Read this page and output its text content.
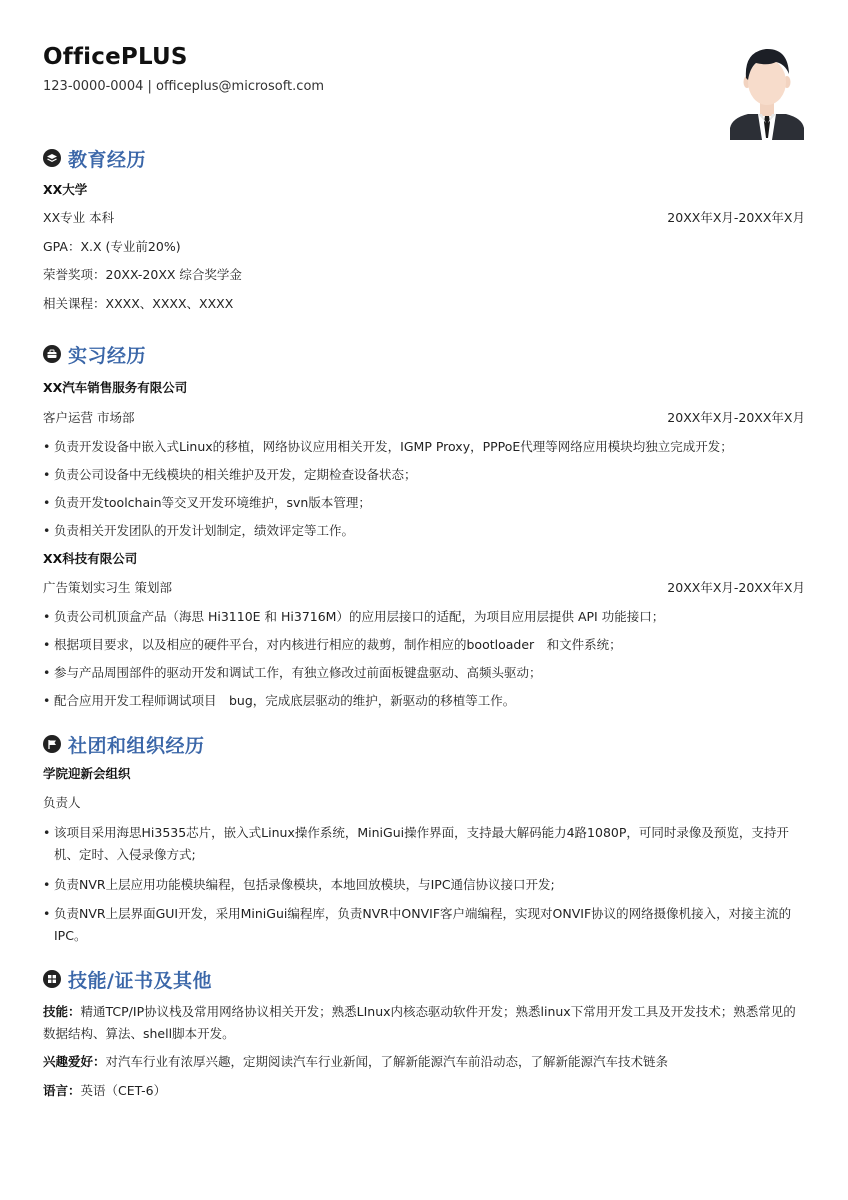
OfficePLUS
123-0000-0004 | officeplus@microsoft.com
教育经历
XX大学
XX专业 本科	20XX年X月-20XX年X月
GPA：X.X (专业前20%)
荣誉奖项：20XX-20XX 综合奖学金
相关课程：XXXX、XXXX、XXXX
实习经历
XX汽车销售服务有限公司
客户运营 市场部	20XX年X月-20XX年X月
• 负责开发设备中嵌入式Linux的移植，网络协议应用相关开发，IGMP Proxy，PPPoE代理等网络应用模块均独立完成开发；
• 负责公司设备中无线模块的相关维护及开发，定期检查设备状态；
• 负责开发toolchain等交叉开发环境维护，svn版本管理；
• 负责相关开发团队的开发计划制定，绩效评定等工作。
XX科技有限公司
广告策划实习生 策划部	20XX年X月-20XX年X月
• 负责公司机顶盒产品（海思 Hi3110E 和 Hi3716M）的应用层接口的适配，为项目应用层提供 API 功能接口；
• 根据项目要求，以及相应的硬件平台，对内核进行相应的裁剪，制作相应的bootloader　和文件系统；
• 参与产品周围部件的驱动开发和调试工作，有独立修改过前面板键盘驱动、高频头驱动；
• 配合应用开发工程师调试项目　bug，完成底层驱动的维护，新驱动的移植等工作。
社团和组织经历
学院迎新会组织
负责人
• 该项目采用海思Hi3535芯片，嵌入式Linux操作系统，MiniGui操作界面，支持最大解码能力4路1080P，可同时录像及预览，支持开机、定时、入侵录像方式;
• 负责NVR上层应用功能模块编程，包括录像模块，本地回放模块，与IPC通信协议接口开发;
• 负责NVR上层界面GUI开发，采用MiniGui编程库，负责NVR中ONVIF客户端编程，实现对ONVIF协议的网络摄像机接入，对接主流的IPC。
技能/证书及其他
技能：精通TCP/IP协议栈及常用网络协议相关开发；熟悉LInux内核态驱动软件开发；熟悉linux下常用开发工具及开发技术；熟悉常见的数据结构、算法、shell脚本开发。
兴趣爱好：对汽车行业有浓厚兴趣，定期阅读汽车行业新闻，了解新能源汽车前沿动态，了解新能源汽车技术链条
语言：英语（CET-6）
